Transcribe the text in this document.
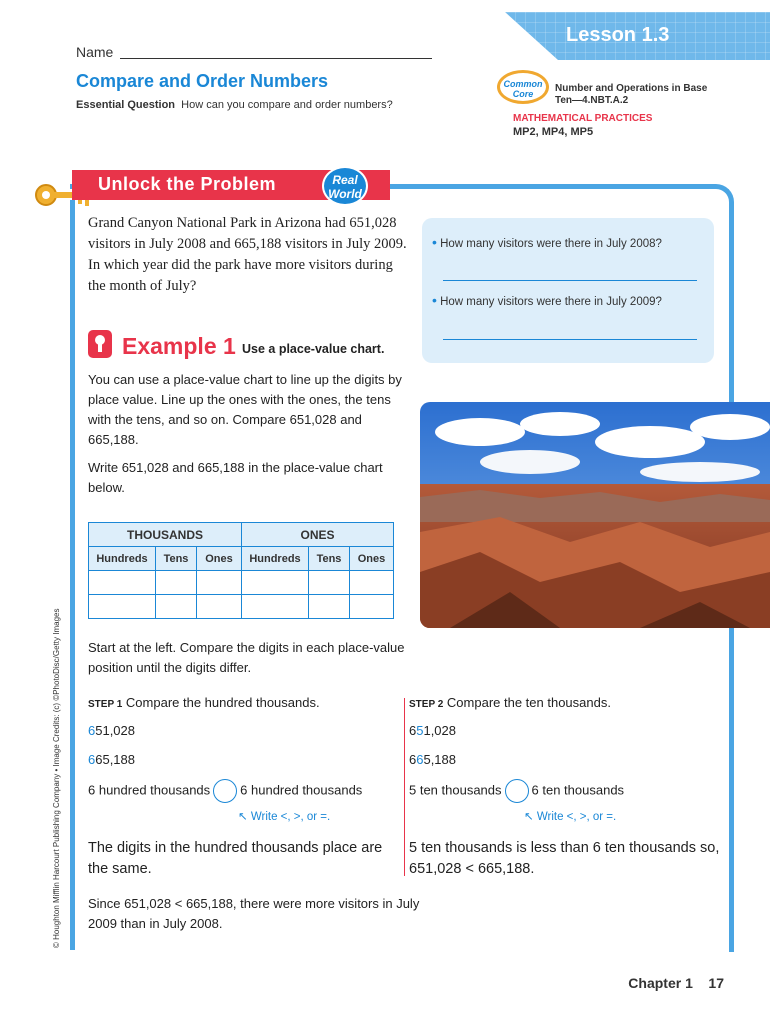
Lesson 1.3
Name
Compare and Order Numbers
Essential Question How can you compare and order numbers?
Common Core	Number and Operations in Base Ten—4.NBT.A.2
MATHEMATICAL PRACTICES
MP2, MP4, MP5
Unlock the Problem	Real World
Grand Canyon National Park in Arizona had 651,028 visitors in July 2008 and 665,188 visitors in July 2009. In which year did the park have more visitors during the month of July?
• How many visitors were there in July 2008?
• How many visitors were there in July 2009?
Example 1 Use a place-value chart.
You can use a place-value chart to line up the digits by place value. Line up the ones with the ones, the tens with the tens, and so on. Compare 651,028 and 665,188.
Write 651,028 and 665,188 in the place-value chart below.
THOUSANDS			ONES		
Hundreds	Tens	Ones	Hundreds	Tens	Ones

© Houghton Mifflin Harcourt Publishing Company • Image Credits: (c) ©PhotoDisc/Getty Images Start at the left. Compare the digits in each place-value position until the digits differ.
STEP 1 Compare the hundred thousands.
651,028
665,188
6 hundred thousands 6 hundred thousands
↖ Write <, >, or =.
The digits in the hundred thousands place are the same.
STEP 2 Compare the ten thousands.
651,028
665,188
5 ten thousands 6 ten thousands
↖ Write <, >, or =.
5 ten thousands is less than 6 ten thousands so, 651,028 < 665,188.
Since 651,028 < 665,188, there were more visitors in July 2009 than in July 2008.
Chapter 1 17
